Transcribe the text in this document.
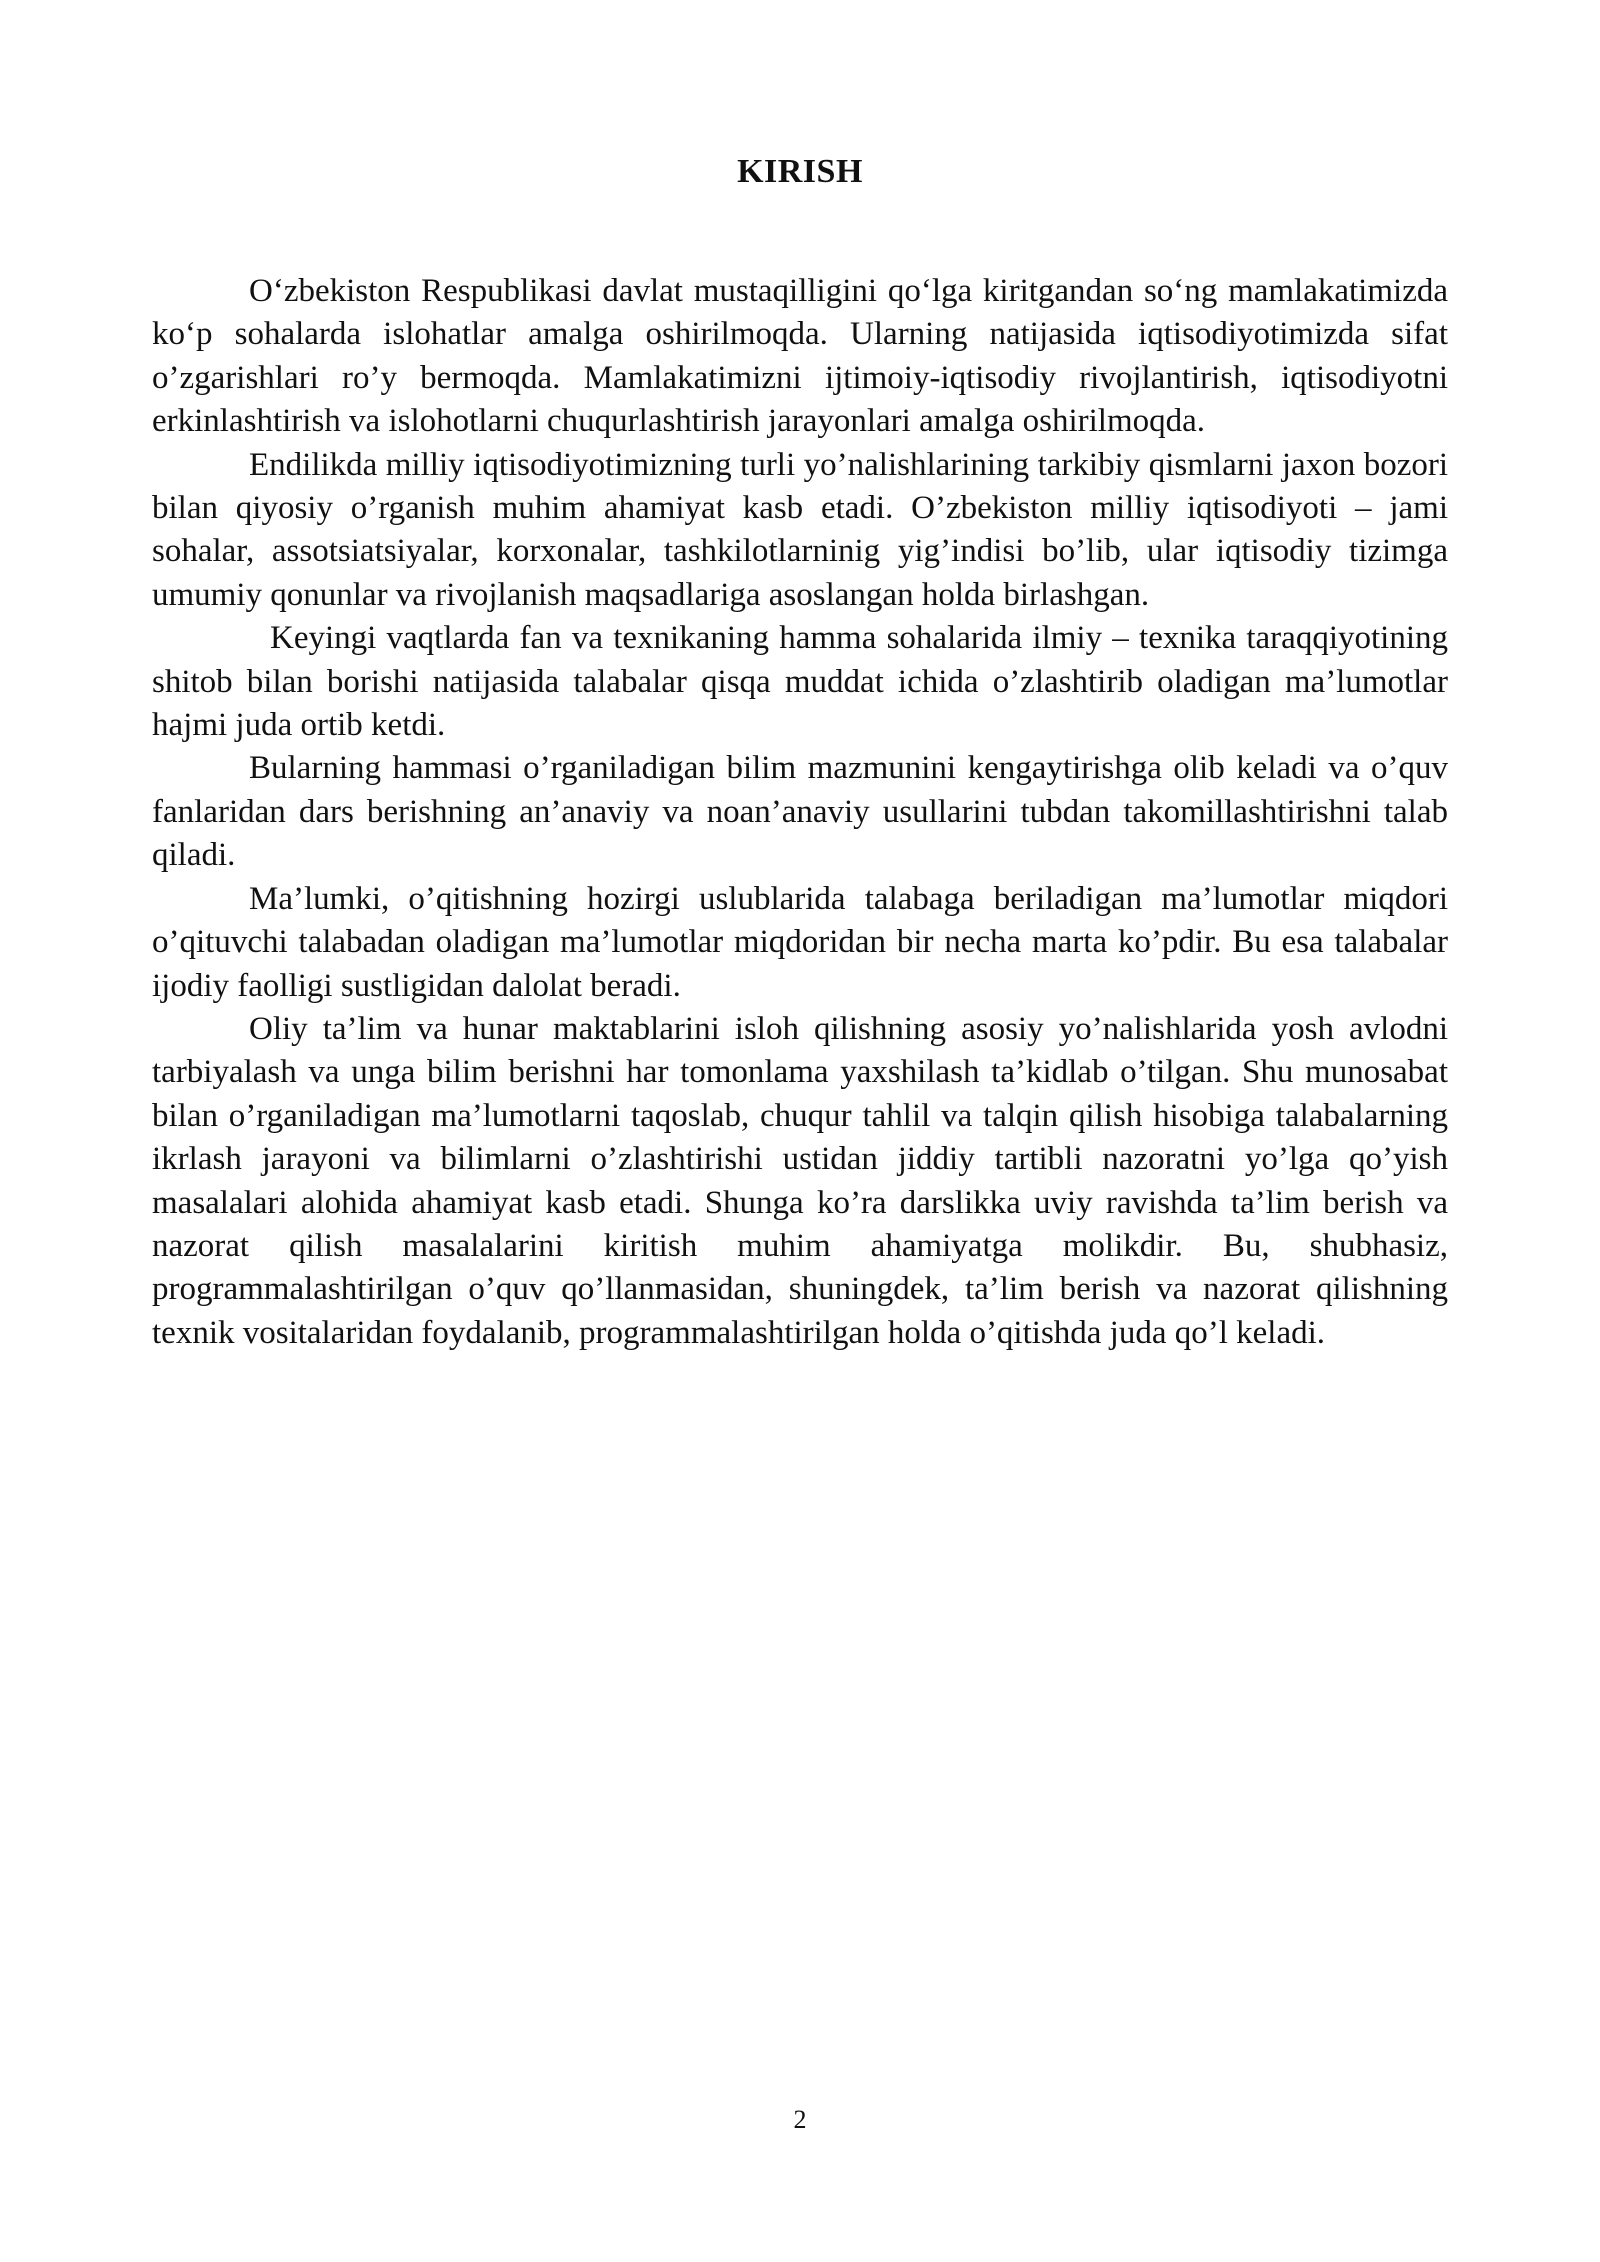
KIRISH

O‘zbekiston Respublikasi davlat mustaqilligini qo‘lga kiritgandan so‘ng mamlakatimizda ko‘p sohalarda islohatlar amalga oshirilmoqda. Ularning natijasida iqtisodiyotimizda sifat o’zgarishlari ro’y bermoqda. Mamlakatimizni ijtimoiy-iqtisodiy rivojlantirish, iqtisodiyotni erkinlashtirish va islohotlarni chuqurlashtirish jarayonlari amalga oshirilmoqda.

Endilikda milliy iqtisodiyotimizning turli yo’nalishlarining tarkibiy qismlarni jaxon bozori bilan qiyosiy o’rganish muhim ahamiyat kasb etadi. O’zbekiston milliy iqtisodiyoti – jami sohalar, assotsiatsiyalar, korxonalar, tashkilotlarninig yig’indisi bo’lib, ular iqtisodiy tizimga umumiy qonunlar va rivojlanish maqsadlariga asoslangan holda birlashgan.

Keyingi vaqtlarda fan va texnikaning hamma sohalarida ilmiy – texnika taraqqiyotining shitob bilan borishi natijasida talabalar qisqa muddat ichida o’zlashtirib oladigan ma’lumotlar hajmi juda ortib ketdi.

Bularning hammasi o’rganiladigan bilim mazmunini kengaytirishga olib keladi va o’quv fanlaridan dars berishning an’anaviy va noan’anaviy usullarini tubdan takomillashtirishni talab qiladi.

Ma’lumki, o’qitishning hozirgi uslublarida talabaga beriladigan ma’lumotlar miqdori o’qituvchi talabadan oladigan ma’lumotlar miqdoridan bir necha marta ko’pdir. Bu esa talabalar ijodiy faolligi sustligidan dalolat beradi.

Oliy ta’lim va hunar maktablarini isloh qilishning asosiy yo’nalishlarida yosh avlodni tarbiyalash va unga bilim berishni har tomonlama yaxshilash ta’kidlab o’tilgan. Shu munosabat bilan o’rganiladigan ma’lumotlarni taqoslab, chuqur tahlil va talqin qilish hisobiga talabalarning ikrlash jarayoni va bilimlarni o’zlashtirishi ustidan jiddiy tartibli nazoratni yo’lga qo’yish masalalari alohida ahamiyat kasb etadi. Shunga ko’ra darslikka uviy ravishda ta’lim berish va nazorat qilish masalalarini kiritish muhim ahamiyatga molikdir. Bu, shubhasiz, programmalashtirilgan o’quv qo’llanmasidan, shuningdek, ta’lim berish va nazorat qilishning texnik vositalaridan foydalanib, programmalashtirilgan holda o’qitishda juda qo’l keladi.

2
